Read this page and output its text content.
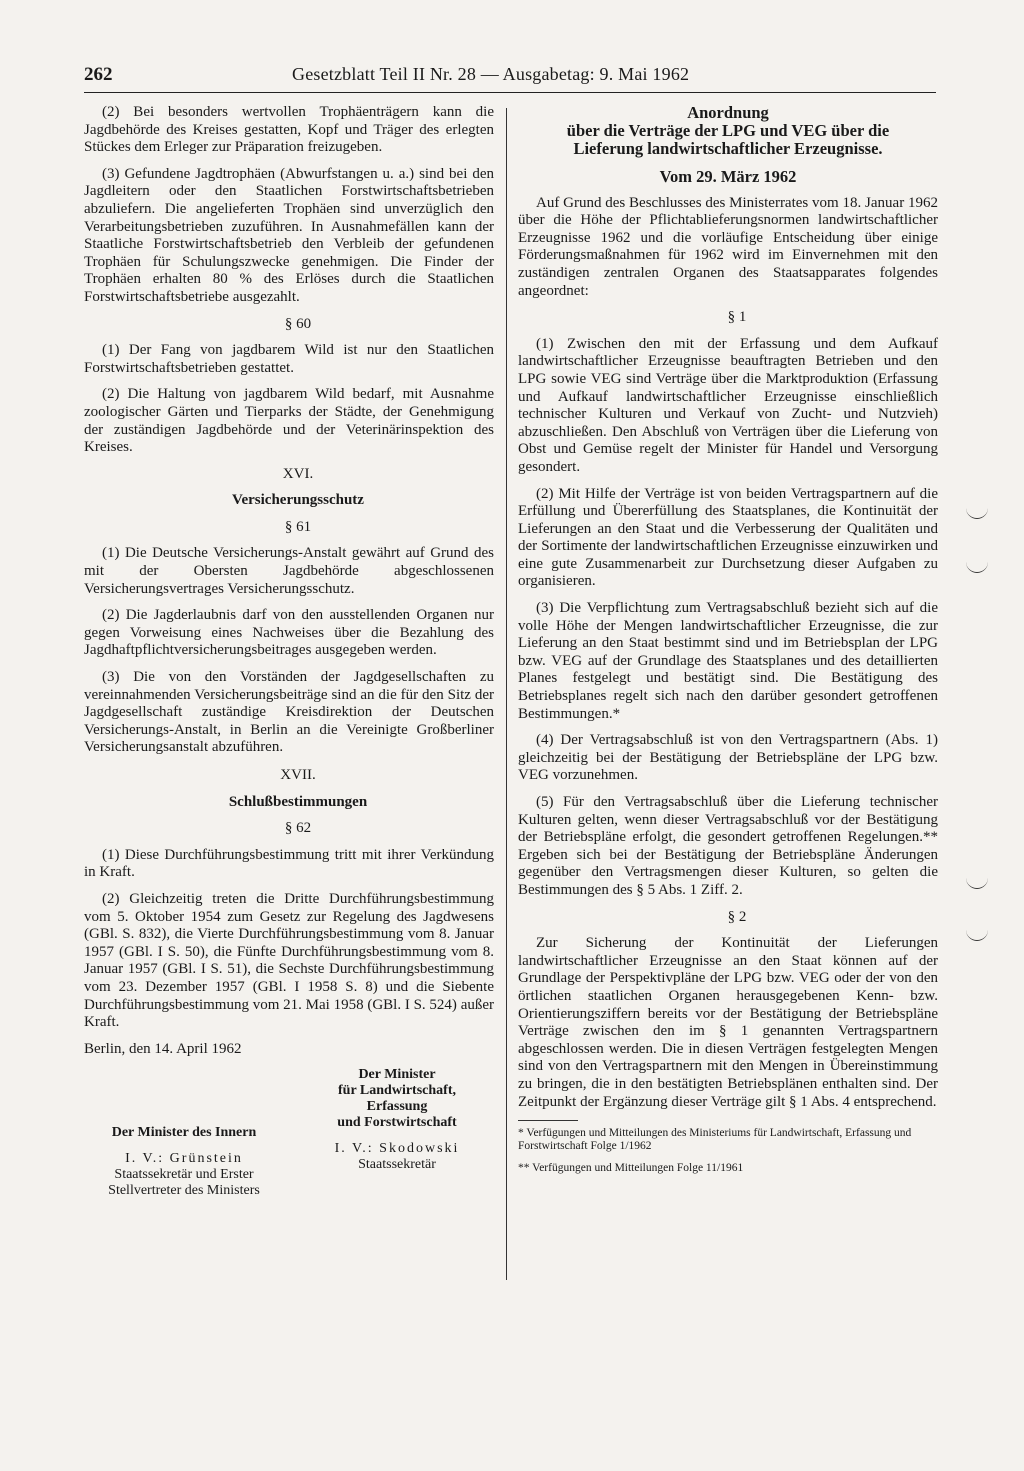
262	Gesetzblatt Teil II Nr. 28 — Ausgabetag: 9. Mai 1962

(2) Bei besonders wertvollen Trophäenträgern kann die Jagdbehörde des Kreises gestatten, Kopf und Träger des erlegten Stückes dem Erleger zur Präparation freizugeben.

(3) Gefundene Jagdtrophäen (Abwurfstangen u. a.) sind bei den Jagdleitern oder den Staatlichen Forstwirtschaftsbetrieben abzuliefern. Die angelieferten Trophäen sind unverzüglich den Verarbeitungsbetrieben zuzuführen. In Ausnahmefällen kann der Staatliche Forstwirtschaftsbetrieb den Verbleib der gefundenen Trophäen für Schulungszwecke genehmigen. Die Finder der Trophäen erhalten 80 % des Erlöses durch die Staatlichen Forstwirtschaftsbetriebe ausgezahlt.

§ 60

(1) Der Fang von jagdbarem Wild ist nur den Staatlichen Forstwirtschaftsbetrieben gestattet.

(2) Die Haltung von jagdbarem Wild bedarf, mit Ausnahme zoologischer Gärten und Tierparks der Städte, der Genehmigung der zuständigen Jagdbehörde und der Veterinärinspektion des Kreises.

XVI.

Versicherungsschutz

§ 61

(1) Die Deutsche Versicherungs-Anstalt gewährt auf Grund des mit der Obersten Jagdbehörde abgeschlossenen Versicherungsvertrages Versicherungsschutz.

(2) Die Jagderlaubnis darf von den ausstellenden Organen nur gegen Vorweisung eines Nachweises über die Bezahlung des Jagdhaftpflichtversicherungsbeitrages ausgegeben werden.

(3) Die von den Vorständen der Jagdgesellschaften zu vereinnahmenden Versicherungsbeiträge sind an die für den Sitz der Jagdgesellschaft zuständige Kreisdirektion der Deutschen Versicherungs-Anstalt, in Berlin an die Vereinigte Großberliner Versicherungsanstalt abzuführen.

XVII.

Schlußbestimmungen

§ 62

(1) Diese Durchführungsbestimmung tritt mit ihrer Verkündung in Kraft.

(2) Gleichzeitig treten die Dritte Durchführungsbestimmung vom 5. Oktober 1954 zum Gesetz zur Regelung des Jagdwesens (GBl. S. 832), die Vierte Durchführungsbestimmung vom 8. Januar 1957 (GBl. I S. 50), die Fünfte Durchführungsbestimmung vom 8. Januar 1957 (GBl. I S. 51), die Sechste Durchführungsbestimmung vom 23. Dezember 1957 (GBl. I 1958 S. 8) und die Siebente Durchführungsbestimmung vom 21. Mai 1958 (GBl. I S. 524) außer Kraft.

Berlin, den 14. April 1962

Der Minister des Innern
I. V.: Grünstein
Staatssekretär und Erster
Stellvertreter des Ministers
Der Minister
für Landwirtschaft,
Erfassung
und Forstwirtschaft
I. V.: Skodowski
Staatssekretär
Anordnung
über die Verträge der LPG und VEG über die
Lieferung landwirtschaftlicher Erzeugnisse.

Vom 29. März 1962

Auf Grund des Beschlusses des Ministerrates vom 18. Januar 1962 über die Höhe der Pflichtablieferungsnormen landwirtschaftlicher Erzeugnisse 1962 und die vorläufige Entscheidung über einige Förderungsmaßnahmen für 1962 wird im Einvernehmen mit den zuständigen zentralen Organen des Staatsapparates folgendes angeordnet:

§ 1

(1) Zwischen den mit der Erfassung und dem Aufkauf landwirtschaftlicher Erzeugnisse beauftragten Betrieben und den LPG sowie VEG sind Verträge über die Marktproduktion (Erfassung und Aufkauf landwirtschaftlicher Erzeugnisse einschließlich technischer Kulturen und Verkauf von Zucht- und Nutzvieh) abzuschließen. Den Abschluß von Verträgen über die Lieferung von Obst und Gemüse regelt der Minister für Handel und Versorgung gesondert.

(2) Mit Hilfe der Verträge ist von beiden Vertragspartnern auf die Erfüllung und Übererfüllung des Staatsplanes, die Kontinuität der Lieferungen an den Staat und die Verbesserung der Qualitäten und der Sortimente der landwirtschaftlichen Erzeugnisse einzuwirken und eine gute Zusammenarbeit zur Durchsetzung dieser Aufgaben zu organisieren.

(3) Die Verpflichtung zum Vertragsabschluß bezieht sich auf die volle Höhe der Mengen landwirtschaftlicher Erzeugnisse, die zur Lieferung an den Staat bestimmt sind und im Betriebsplan der LPG bzw. VEG auf der Grundlage des Staatsplanes und des detaillierten Planes festgelegt und bestätigt sind. Die Bestätigung des Betriebsplanes regelt sich nach den darüber gesondert getroffenen Bestimmungen.*

(4) Der Vertragsabschluß ist von den Vertragspartnern (Abs. 1) gleichzeitig bei der Bestätigung der Betriebspläne der LPG bzw. VEG vorzunehmen.

(5) Für den Vertragsabschluß über die Lieferung technischer Kulturen gelten, wenn dieser Vertragsabschluß vor der Bestätigung der Betriebspläne erfolgt, die gesondert getroffenen Regelungen.** Ergeben sich bei der Bestätigung der Betriebspläne Änderungen gegenüber den Vertragsmengen dieser Kulturen, so gelten die Bestimmungen des § 5 Abs. 1 Ziff. 2.

§ 2

Zur Sicherung der Kontinuität der Lieferungen landwirtschaftlicher Erzeugnisse an den Staat können auf der Grundlage der Perspektivpläne der LPG bzw. VEG oder der von den örtlichen staatlichen Organen herausgegebenen Kenn- bzw. Orientierungsziffern bereits vor der Bestätigung der Betriebspläne Verträge zwischen den im § 1 genannten Vertragspartnern abgeschlossen werden. Die in diesen Verträgen festgelegten Mengen sind von den Vertragspartnern mit den Mengen in Übereinstimmung zu bringen, die in den bestätigten Betriebsplänen enthalten sind. Der Zeitpunkt der Ergänzung dieser Verträge gilt § 1 Abs. 4 entsprechend.

* Verfügungen und Mitteilungen des Ministeriums für Landwirtschaft, Erfassung und Forstwirtschaft Folge 1/1962

** Verfügungen und Mitteilungen Folge 11/1961
